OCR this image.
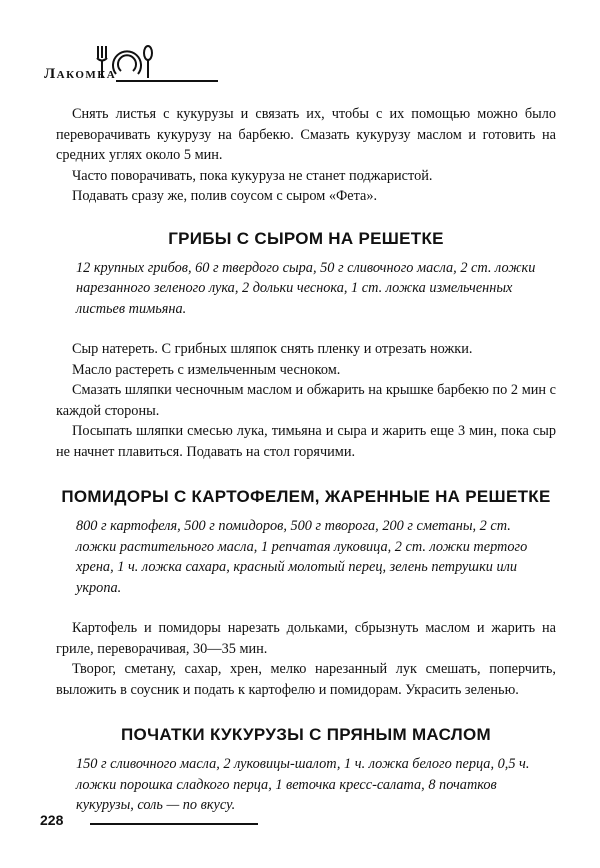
Лакомка

Снять листья с кукурузы и связать их, чтобы с их помощью можно было переворачивать кукурузу на барбекю. Смазать кукурузу маслом и готовить на средних углях около 5 мин.

Часто поворачивать, пока кукуруза не станет поджаристой.

Подавать сразу же, полив соусом с сыром «Фета».

ГРИБЫ С СЫРОМ НА РЕШЕТКЕ

12 крупных грибов, 60 г твердого сыра, 50 г сливочного масла, 2 ст. ложки нарезанного зеленого лука, 2 дольки чеснока, 1 ст. ложка измельченных листьев тимьяна.

Сыр натереть. С грибных шляпок снять пленку и отрезать ножки.

Масло растереть с измельченным чесноком.

Смазать шляпки чесночным маслом и обжарить на крышке барбекю по 2 мин с каждой стороны.

Посыпать шляпки смесью лука, тимьяна и сыра и жарить еще 3 мин, пока сыр не начнет плавиться. Подавать на стол горячими.

ПОМИДОРЫ С КАРТОФЕЛЕМ, ЖАРЕННЫЕ НА РЕШЕТКЕ

800 г картофеля, 500 г помидоров, 500 г творога, 200 г сметаны, 2 ст. ложки растительного масла, 1 репчатая луковица, 2 ст. ложки тертого хрена, 1 ч. ложка сахара, красный молотый перец, зелень петрушки или укропа.

Картофель и помидоры нарезать дольками, сбрызнуть маслом и жарить на гриле, переворачивая, 30—35 мин.

Творог, сметану, сахар, хрен, мелко нарезанный лук смешать, поперчить, выложить в соусник и подать к картофелю и помидорам. Украсить зеленью.

ПОЧАТКИ КУКУРУЗЫ С ПРЯНЫМ МАСЛОМ

150 г сливочного масла, 2 луковицы-шалот, 1 ч. ложка белого перца, 0,5 ч. ложки порошка сладкого перца, 1 веточка кресс-салата, 8 початков кукурузы, соль — по вкусу.

228
